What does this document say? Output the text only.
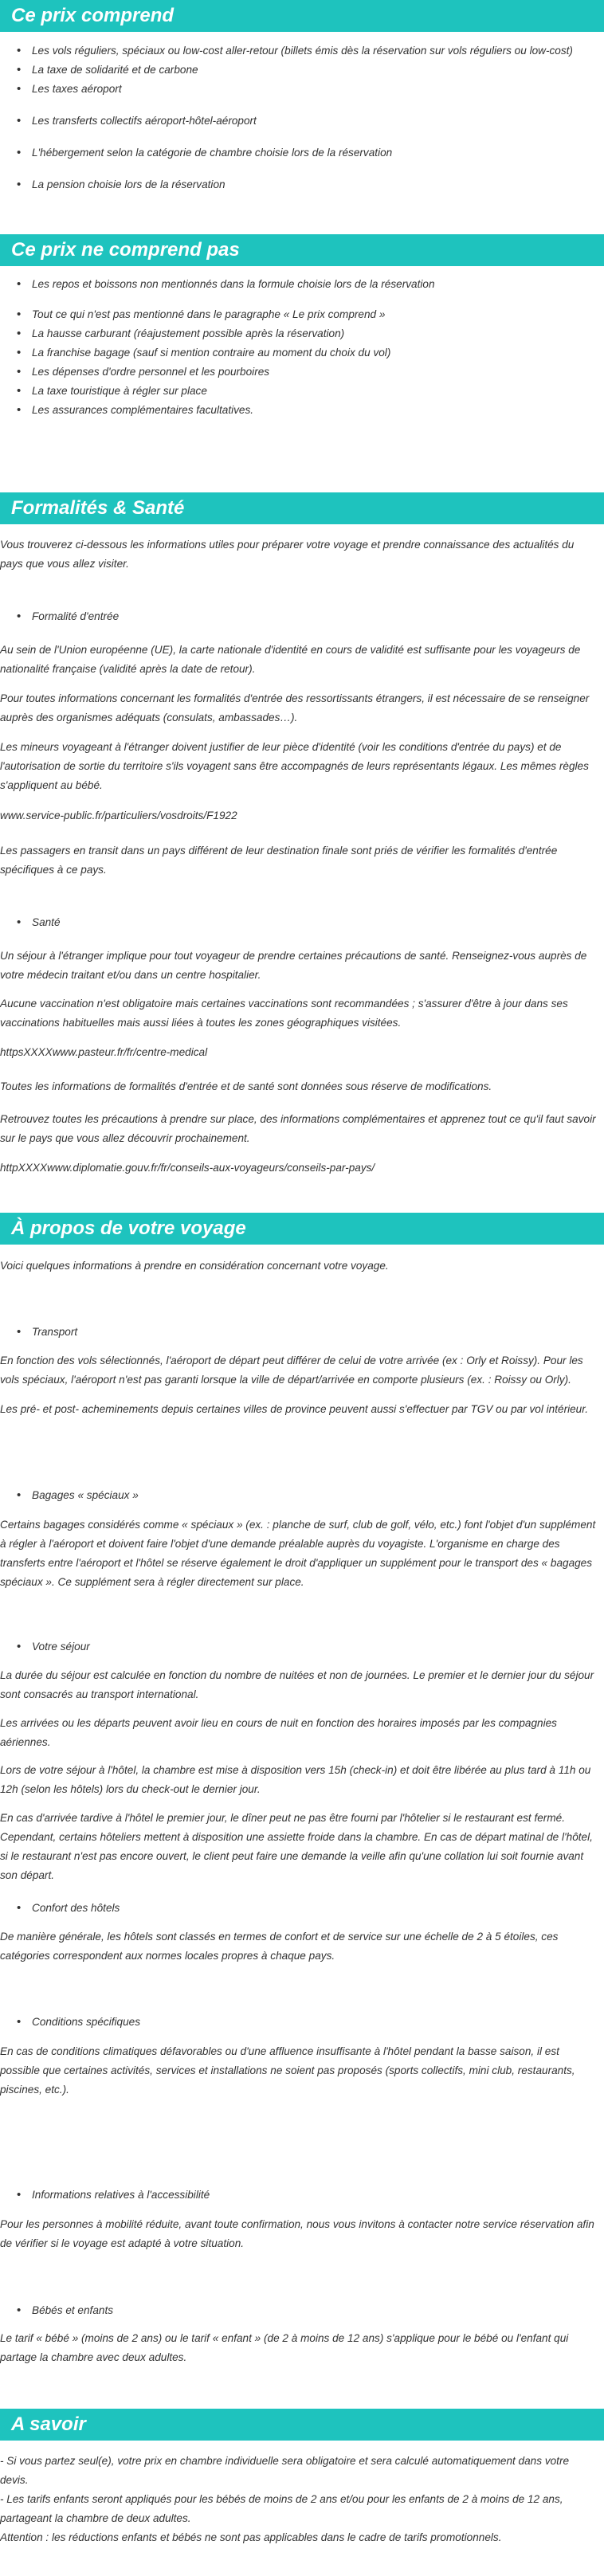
Ce prix comprend
• Les vols réguliers, spéciaux ou low-cost aller-retour (billets émis dès la réservation sur vols réguliers ou low-cost)
• La taxe de solidarité et de carbone
• Les taxes aéroport
• Les transferts collectifs aéroport-hôtel-aéroport
• L'hébergement selon la catégorie de chambre choisie lors de la réservation
• La pension choisie lors de la réservation
Ce prix ne comprend pas
• Les repos et boissons non mentionnés dans la formule choisie lors de la réservation
• Tout ce qui n'est pas mentionné dans le paragraphe « Le prix comprend »
• La hausse carburant (réajustement possible après la réservation)
• La franchise bagage (sauf si mention contraire au moment du choix du vol)
• Les dépenses d'ordre personnel et les pourboires
• La taxe touristique à régler sur place
• Les assurances complémentaires facultatives.
Formalités & Santé

Vous trouverez ci-dessous les informations utiles pour préparer votre voyage et prendre connaissance des actualités du pays que vous allez visiter.

• Formalité d'entrée

Au sein de l'Union européenne (UE), la carte nationale d'identité en cours de validité est suffisante pour les voyageurs de nationalité française (validité après la date de retour).

Pour toutes informations concernant les formalités d'entrée des ressortissants étrangers, il est nécessaire de se renseigner auprès des organismes adéquats (consulats, ambassades…).

Les mineurs voyageant à l'étranger doivent justifier de leur pièce d'identité (voir les conditions d'entrée du pays) et de l'autorisation de sortie du territoire s'ils voyagent sans être accompagnés de leurs représentants légaux. Les mêmes règles s'appliquent au bébé.

www.service-public.fr/particuliers/vosdroits/F1922

Les passagers en transit dans un pays différent de leur destination finale sont priés de vérifier les formalités d'entrée spécifiques à ce pays.

• Santé

Un séjour à l'étranger implique pour tout voyageur de prendre certaines précautions de santé. Renseignez-vous auprès de votre médecin traitant et/ou dans un centre hospitalier.

Aucune vaccination n'est obligatoire mais certaines vaccinations sont recommandées ; s'assurer d'être à jour dans ses vaccinations habituelles mais aussi liées à toutes les zones géographiques visitées.

httpsXXXXwww.pasteur.fr/fr/centre-medical

Toutes les informations de formalités d'entrée et de santé sont données sous réserve de modifications.

Retrouvez toutes les précautions à prendre sur place, des informations complémentaires et apprenez tout ce qu'il faut savoir sur le pays que vous allez découvrir prochainement.

httpXXXXwww.diplomatie.gouv.fr/fr/conseils-aux-voyageurs/conseils-par-pays/

À propos de votre voyage

Voici quelques informations à prendre en considération concernant votre voyage.

• Transport

En fonction des vols sélectionnés, l'aéroport de départ peut différer de celui de votre arrivée (ex : Orly et Roissy). Pour les vols spéciaux, l'aéroport n'est pas garanti lorsque la ville de départ/arrivée en comporte plusieurs (ex. : Roissy ou Orly).

Les pré- et post- acheminements depuis certaines villes de province peuvent aussi s'effectuer par TGV ou par vol intérieur.

• Bagages « spéciaux »

Certains bagages considérés comme « spéciaux » (ex. : planche de surf, club de golf, vélo, etc.) font l'objet d'un supplément à régler à l'aéroport et doivent faire l'objet d'une demande préalable auprès du voyagiste. L'organisme en charge des transferts entre l'aéroport et l'hôtel se réserve également le droit d'appliquer un supplément pour le transport des « bagages spéciaux ». Ce supplément sera à régler directement sur place.

• Votre séjour

La durée du séjour est calculée en fonction du nombre de nuitées et non de journées. Le premier et le dernier jour du séjour sont consacrés au transport international.

Les arrivées ou les départs peuvent avoir lieu en cours de nuit en fonction des horaires imposés par les compagnies aériennes.

Lors de votre séjour à l'hôtel, la chambre est mise à disposition vers 15h (check-in) et doit être libérée au plus tard à 11h ou 12h (selon les hôtels) lors du check-out le dernier jour.

En cas d'arrivée tardive à l'hôtel le premier jour, le dîner peut ne pas être fourni par l'hôtelier si le restaurant est fermé. Cependant, certains hôteliers mettent à disposition une assiette froide dans la chambre. En cas de départ matinal de l'hôtel, si le restaurant n'est pas encore ouvert, le client peut faire une demande la veille afin qu'une collation lui soit fournie avant son départ.

• Confort des hôtels

De manière générale, les hôtels sont classés en termes de confort et de service sur une échelle de 2 à 5 étoiles, ces catégories correspondent aux normes locales propres à chaque pays.

• Conditions spécifiques

En cas de conditions climatiques défavorables ou d'une affluence insuffisante à l'hôtel pendant la basse saison, il est possible que certaines activités, services et installations ne soient pas proposés (sports collectifs, mini club, restaurants, piscines, etc.).

• Informations relatives à l'accessibilité

Pour les personnes à mobilité réduite, avant toute confirmation, nous vous invitons à contacter notre service réservation afin de vérifier si le voyage est adapté à votre situation.

• Bébés et enfants

Le tarif « bébé » (moins de 2 ans) ou le tarif « enfant » (de 2 à moins de 12 ans) s'applique pour le bébé ou l'enfant qui partage la chambre avec deux adultes.

A savoir

- Si vous partez seul(e), votre prix en chambre individuelle sera obligatoire et sera calculé automatiquement dans votre devis.

- Les tarifs enfants seront appliqués pour les bébés de moins de 2 ans et/ou pour les enfants de 2 à moins de 12 ans, partageant la chambre de deux adultes.

Attention : les réductions enfants et bébés ne sont pas applicables dans le cadre de tarifs promotionnels.
